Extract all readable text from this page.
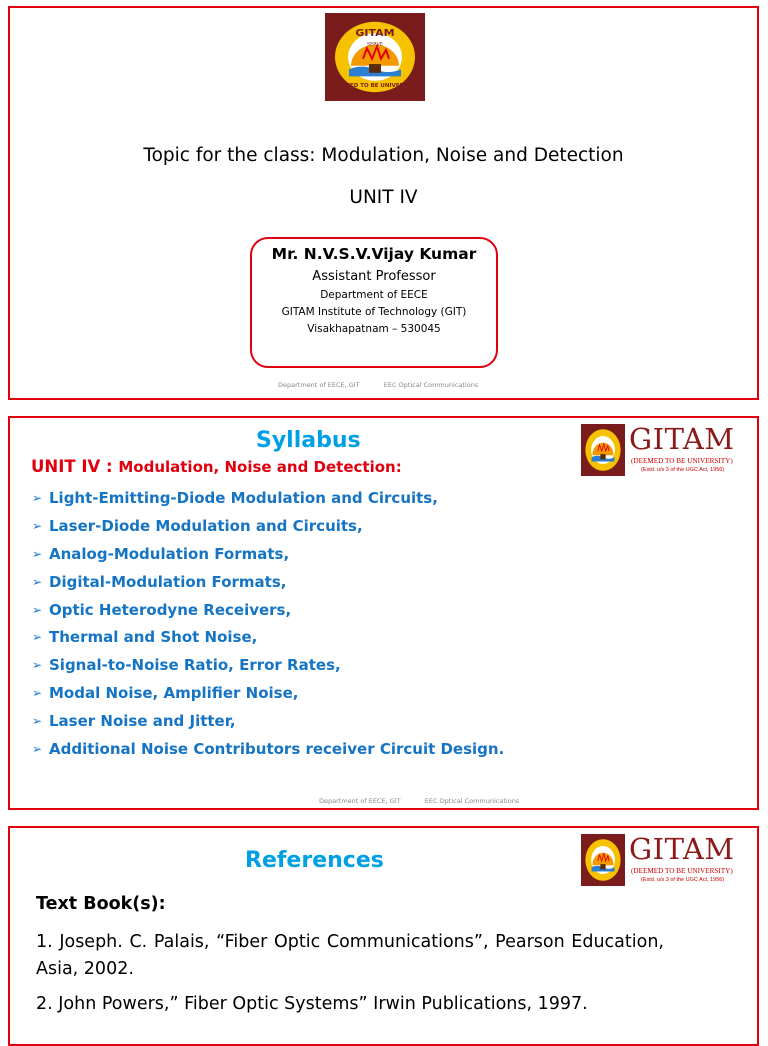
GITAM
SERVE
DEEMED TO BE UNIVERSITY
Topic for the class: Modulation, Noise and Detection
UNIT IV
Mr. N.V.S.V.Vijay Kumar
Assistant Professor
Department of EECE
GITAM Institute of Technology (GIT)
Visakhapatnam – 530045
Department of EECE, GIT	EEC Optical Communications
GITAM
(DEEMED TO BE UNIVERSITY)
(Estd. u/s 3 of the UGC Act, 1956)
Syllabus
UNIT IV : Modulation, Noise and Detection:
➢ Light-Emitting-Diode Modulation and Circuits,
➢ Laser-Diode Modulation and Circuits,
➢ Analog-Modulation Formats,
➢ Digital-Modulation Formats,
➢ Optic Heterodyne Receivers,
➢ Thermal and Shot Noise,
➢ Signal-to-Noise Ratio, Error Rates,
➢ Modal Noise, Amplifier Noise,
➢ Laser Noise and Jitter,
➢ Additional Noise Contributors receiver Circuit Design.
Department of EECE, GIT	EEC Optical Communications
GITAM
(DEEMED TO BE UNIVERSITY)
(Estd. u/s 3 of the UGC Act, 1956)
References
Text Book(s):
1. Joseph. C. Palais, “Fiber Optic Communications”, Pearson Education, Asia, 2002.
2. John Powers,” Fiber Optic Systems” Irwin Publications, 1997.
